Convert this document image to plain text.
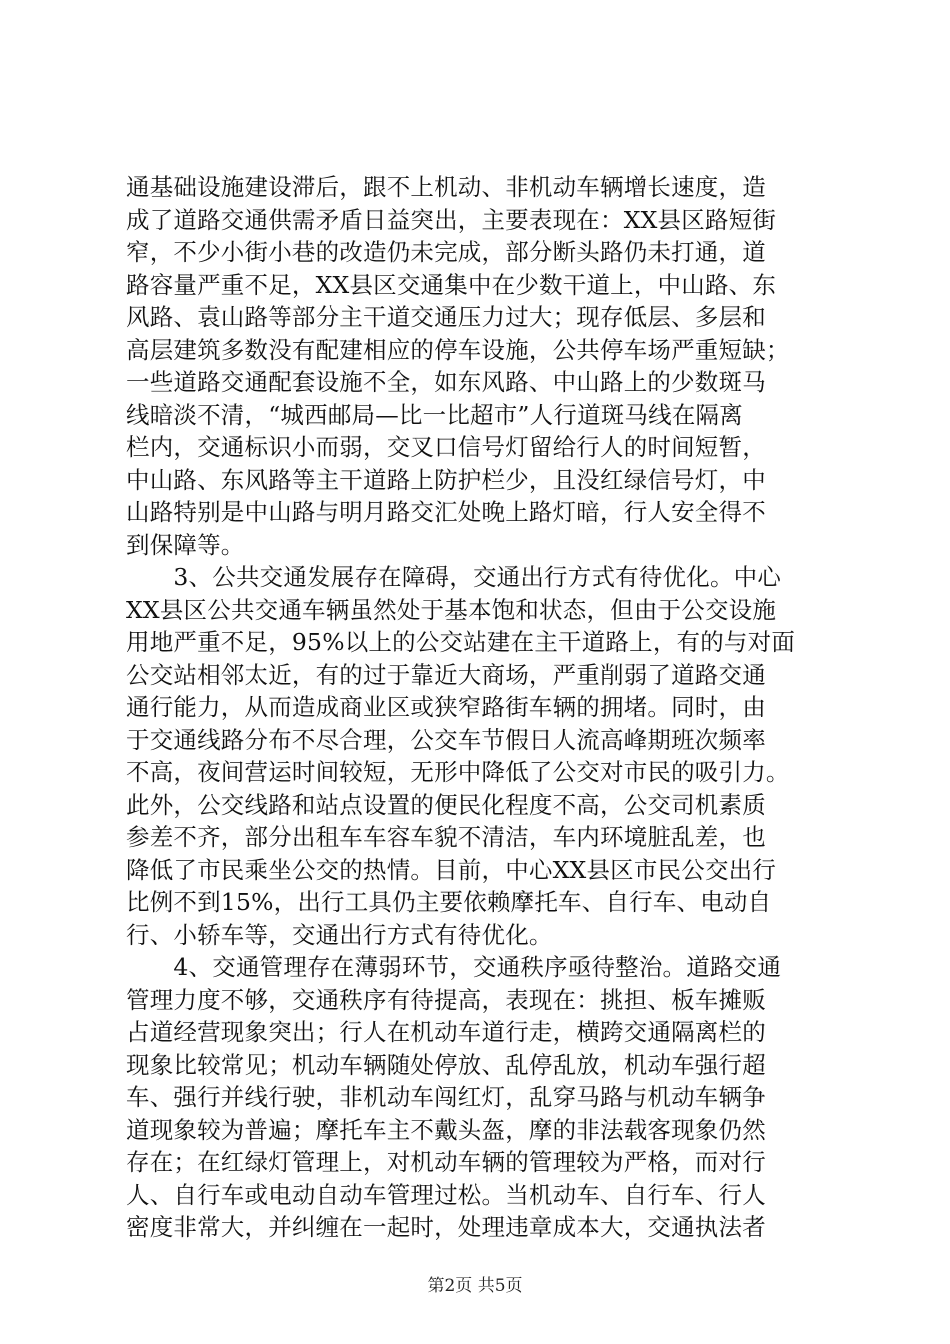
通基础设施建设滞后，跟不上机动、非机动车辆增长速度，造
成了道路交通供需矛盾日益突出，主要表现在：XX县区路短街
窄，不少小街小巷的改造仍未完成，部分断头路仍未打通，道
路容量严重不足，XX县区交通集中在少数干道上，中山路、东
风路、袁山路等部分主干道交通压力过大；现存低层、多层和
高层建筑多数没有配建相应的停车设施，公共停车场严重短缺；
一些道路交通配套设施不全，如东风路、中山路上的少数斑马
线暗淡不清，“城西邮局—比一比超市”人行道斑马线在隔离
栏内，交通标识小而弱，交叉口信号灯留给行人的时间短暂，
中山路、东风路等主干道路上防护栏少，且没红绿信号灯，中
山路特别是中山路与明月路交汇处晚上路灯暗，行人安全得不
到保障等。
　　3、公共交通发展存在障碍，交通出行方式有待优化。中心
XX县区公共交通车辆虽然处于基本饱和状态，但由于公交设施
用地严重不足，95%以上的公交站建在主干道路上，有的与对面
公交站相邻太近，有的过于靠近大商场，严重削弱了道路交通
通行能力，从而造成商业区或狭窄路街车辆的拥堵。同时，由
于交通线路分布不尽合理，公交车节假日人流高峰期班次频率
不高，夜间营运时间较短，无形中降低了公交对市民的吸引力。
此外，公交线路和站点设置的便民化程度不高，公交司机素质
参差不齐，部分出租车车容车貌不清洁，车内环境脏乱差，也
降低了市民乘坐公交的热情。目前，中心XX县区市民公交出行
比例不到15%，出行工具仍主要依赖摩托车、自行车、电动自
行、小轿车等，交通出行方式有待优化。
　　4、交通管理存在薄弱环节，交通秩序亟待整治。道路交通
管理力度不够，交通秩序有待提高，表现在：挑担、板车摊贩
占道经营现象突出；行人在机动车道行走，横跨交通隔离栏的
现象比较常见；机动车辆随处停放、乱停乱放，机动车强行超
车、强行并线行驶，非机动车闯红灯，乱穿马路与机动车辆争
道现象较为普遍；摩托车主不戴头盔，摩的非法载客现象仍然
存在；在红绿灯管理上，对机动车辆的管理较为严格，而对行
人、自行车或电动自动车管理过松。当机动车、自行车、行人
密度非常大，并纠缠在一起时，处理违章成本大，交通执法者
第2页 共5页
